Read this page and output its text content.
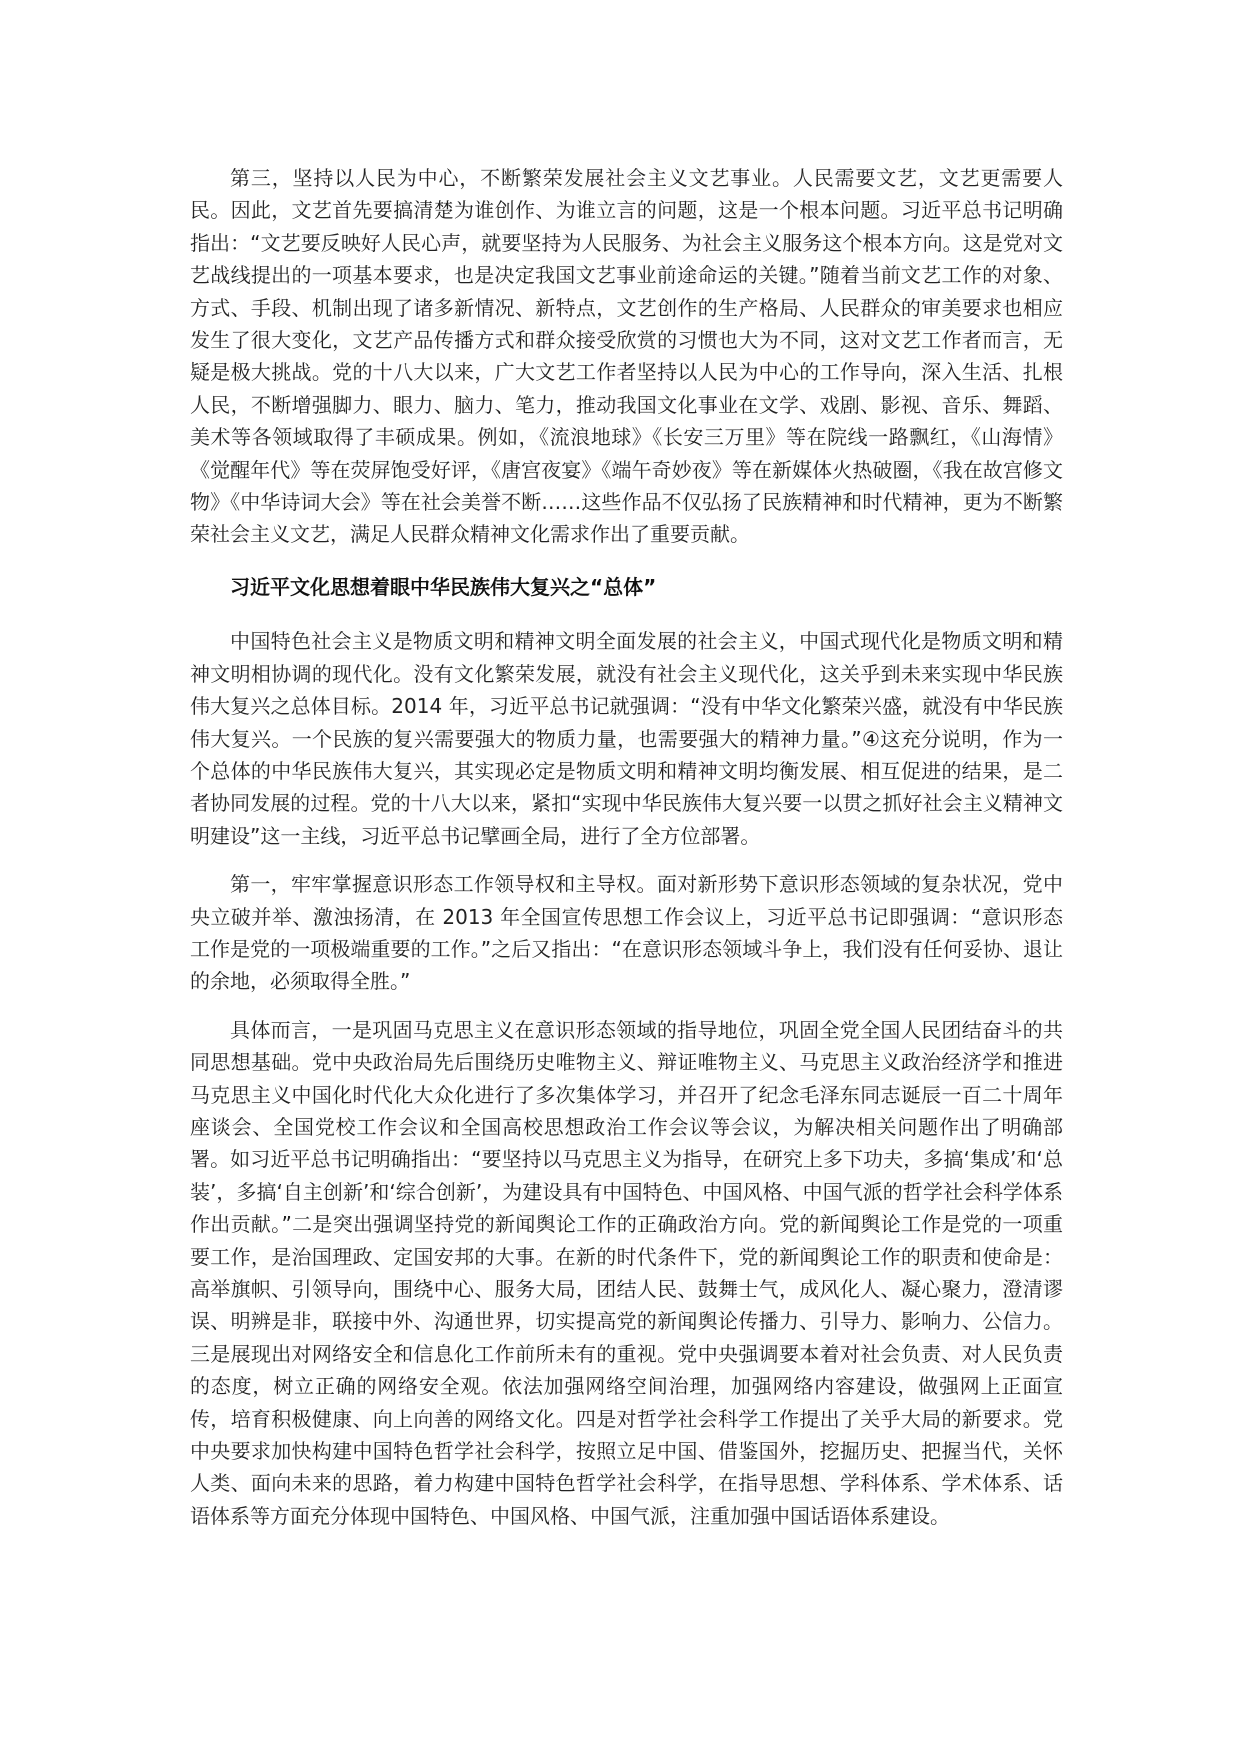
第三，坚持以人民为中心，不断繁荣发展社会主义文艺事业。人民需要文艺，文艺更需要人民。因此，文艺首先要搞清楚为谁创作、为谁立言的问题，这是一个根本问题。习近平总书记明确指出：“文艺要反映好人民心声，就要坚持为人民服务、为社会主义服务这个根本方向。这是党对文艺战线提出的一项基本要求，也是决定我国文艺事业前途命运的关键。”随着当前文艺工作的对象、方式、手段、机制出现了诸多新情况、新特点，文艺创作的生产格局、人民群众的审美要求也相应发生了很大变化，文艺产品传播方式和群众接受欣赏的习惯也大为不同，这对文艺工作者而言，无疑是极大挑战。党的十八大以来，广大文艺工作者坚持以人民为中心的工作导向，深入生活、扎根人民，不断增强脚力、眼力、脑力、笔力，推动我国文化事业在文学、戏剧、影视、音乐、舞蹈、美术等各领域取得了丰硕成果。例如，《流浪地球》《长安三万里》等在院线一路飘红，《山海情》《觉醒年代》等在荧屏饱受好评，《唐宫夜宴》《端午奇妙夜》等在新媒体火热破圈，《我在故宫修文物》《中华诗词大会》等在社会美誉不断……这些作品不仅弘扬了民族精神和时代精神，更为不断繁荣社会主义文艺，满足人民群众精神文化需求作出了重要贡献。

习近平文化思想着眼中华民族伟大复兴之“总体”

中国特色社会主义是物质文明和精神文明全面发展的社会主义，中国式现代化是物质文明和精神文明相协调的现代化。没有文化繁荣发展，就没有社会主义现代化，这关乎到未来实现中华民族伟大复兴之总体目标。2014 年，习近平总书记就强调：“没有中华文化繁荣兴盛，就没有中华民族伟大复兴。一个民族的复兴需要强大的物质力量，也需要强大的精神力量。”④这充分说明，作为一个总体的中华民族伟大复兴，其实现必定是物质文明和精神文明均衡发展、相互促进的结果，是二者协同发展的过程。党的十八大以来，紧扣“实现中华民族伟大复兴要一以贯之抓好社会主义精神文明建设”这一主线，习近平总书记擘画全局，进行了全方位部署。

第一，牢牢掌握意识形态工作领导权和主导权。面对新形势下意识形态领域的复杂状况，党中央立破并举、激浊扬清，在 2013 年全国宣传思想工作会议上，习近平总书记即强调：“意识形态工作是党的一项极端重要的工作。”之后又指出：“在意识形态领域斗争上，我们没有任何妥协、退让的余地，必须取得全胜。”

具体而言，一是巩固马克思主义在意识形态领域的指导地位，巩固全党全国人民团结奋斗的共同思想基础。党中央政治局先后围绕历史唯物主义、辩证唯物主义、马克思主义政治经济学和推进马克思主义中国化时代化大众化进行了多次集体学习，并召开了纪念毛泽东同志诞辰一百二十周年座谈会、全国党校工作会议和全国高校思想政治工作会议等会议，为解决相关问题作出了明确部署。如习近平总书记明确指出：“要坚持以马克思主义为指导，在研究上多下功夫，多搞‘集成’和‘总装’，多搞‘自主创新’和‘综合创新’，为建设具有中国特色、中国风格、中国气派的哲学社会科学体系作出贡献。”二是突出强调坚持党的新闻舆论工作的正确政治方向。党的新闻舆论工作是党的一项重要工作，是治国理政、定国安邦的大事。在新的时代条件下，党的新闻舆论工作的职责和使命是：高举旗帜、引领导向，围绕中心、服务大局，团结人民、鼓舞士气，成风化人、凝心聚力，澄清谬误、明辨是非，联接中外、沟通世界，切实提高党的新闻舆论传播力、引导力、影响力、公信力。三是展现出对网络安全和信息化工作前所未有的重视。党中央强调要本着对社会负责、对人民负责的态度，树立正确的网络安全观。依法加强网络空间治理，加强网络内容建设，做强网上正面宣传，培育积极健康、向上向善的网络文化。四是对哲学社会科学工作提出了关乎大局的新要求。党中央要求加快构建中国特色哲学社会科学，按照立足中国、借鉴国外，挖掘历史、把握当代，关怀人类、面向未来的思路，着力构建中国特色哲学社会科学，在指导思想、学科体系、学术体系、话语体系等方面充分体现中国特色、中国风格、中国气派，注重加强中国话语体系建设。
